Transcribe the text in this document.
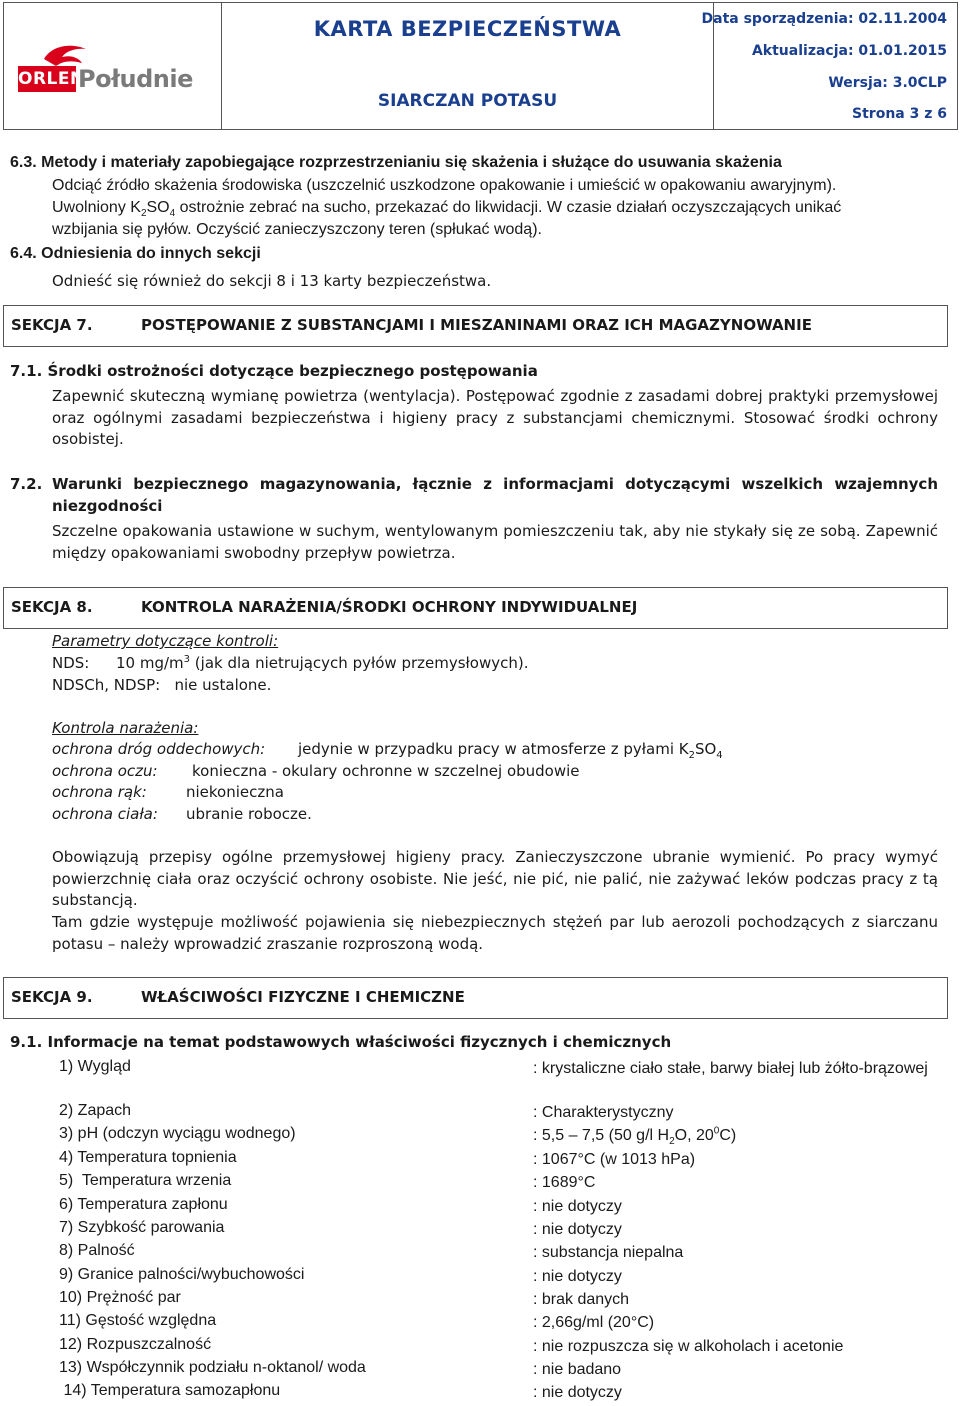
ORLEN
Południe
KARTA BEZPIECZEŃSTWA
SIARCZAN POTASU
Data sporządzenia: 02.11.2004
Aktualizacja: 01.01.2015
Wersja: 3.0CLP
Strona 3 z 6
6.3. Metody i materiały zapobiegające rozprzestrzenianiu się skażenia i służące do usuwania skażenia
Odciąć źródło skażenia środowiska (uszczelnić uszkodzone opakowanie i umieścić w opakowaniu awaryjnym).
Uwolniony $K_2SO_4$ ostrożnie zebrać na sucho, przekazać do likwidacji. W czasie działań oczyszczających unikać
wzbijania się pyłów. Oczyścić zanieczyszczony teren (spłukać wodą).
6.4. Odniesienia do innych sekcji
Odnieść się również do sekcji 8 i 13 karty bezpieczeństwa.
SEKCJA 7.	POSTĘPOWANIE Z SUBSTANCJAMI I MIESZANINAMI ORAZ ICH MAGAZYNOWANIE
7.1. Środki ostrożności dotyczące bezpiecznego postępowania
Zapewnić skuteczną wymianę powietrza (wentylacja). Postępować zgodnie z zasadami dobrej praktyki przemysłowej oraz ogólnymi zasadami bezpieczeństwa i higieny pracy z substancjami chemicznymi. Stosować środki ochrony osobistej.
7.2. Warunki bezpiecznego magazynowania, łącznie z informacjami dotyczącymi wszelkich wzajemnych niezgodności
Szczelne opakowania ustawione w suchym, wentylowanym pomieszczeniu tak, aby nie stykały się ze sobą. Zapewnić między opakowaniami swobodny przepływ powietrza.
SEKCJA 8.	KONTROLA NARAŻENIA/ŚRODKI OCHRONY INDYWIDUALNEJ
Parametry dotyczące kontroli:
NDS: 10 $mg/m^3$ (jak dla nietrujących pyłów przemysłowych).
NDSCh, NDSP:   nie ustalone.
Kontrola narażenia:
ochrona dróg oddechowych: jedynie w przypadku pracy w atmosferze z pyłami $K_2SO_4$
ochrona oczu: konieczna - okulary ochronne w szczelnej obudowie
ochrona rąk:	niekonieczna
ochrona ciała: ubranie robocze.
Obowiązują przepisy ogólne przemysłowej higieny pracy. Zanieczyszczone ubranie wymienić. Po pracy wymyć powierzchnię ciała oraz oczyścić ochrony osobiste. Nie jeść, nie pić, nie palić, nie zażywać leków podczas pracy z tą substancją.
Tam gdzie występuje możliwość pojawienia się niebezpiecznych stężeń par lub aerozoli pochodzących z siarczanu potasu – należy wprowadzić zraszanie rozproszoną wodą.
SEKCJA 9.	WŁAŚCIWOŚCI FIZYCZNE I CHEMICZNE
9.1. Informacje na temat podstawowych właściwości fizycznych i chemicznych
1) Wygląd	: krystaliczne ciało stałe, barwy białej lub żółto-brązowej
2) Zapach	: Charakterystyczny
3) pH (odczyn wyciągu wodnego)	: 5,5 – 7,5 (50 g/l $H_2O$, $20^0C$)
4) Temperatura topnienia	: 1067°C (w 1013 hPa)
5)  Temperatura wrzenia	: 1689°C
6) Temperatura zapłonu	: nie dotyczy
7) Szybkość parowania	: nie dotyczy
8) Palność	: substancja niepalna
9) Granice palności/wybuchowości	: nie dotyczy
10) Prężność par	: brak danych
11) Gęstość względna	: 2,66g/ml (20°C)
12) Rozpuszczalność	: nie rozpuszcza się w alkoholach i acetonie
13) Współczynnik podziału n-oktanol/ woda	: nie badano
14) Temperatura samozapłonu	: nie dotyczy
